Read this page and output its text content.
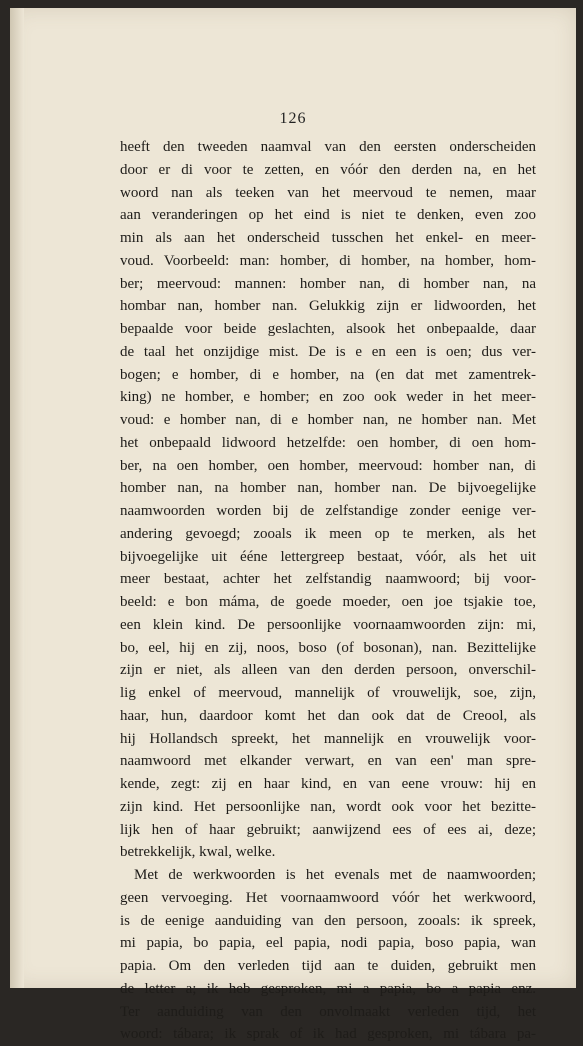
126
heeft den tweeden naamval van den eersten onderscheiden
door er di voor te zetten, en vóór den derden na, en het
woord nan als teeken van het meervoud te nemen, maar
aan veranderingen op het eind is niet te denken, even zoo
min als aan het onderscheid tusschen het enkel- en meer-
voud. Voorbeeld: man: homber, di homber, na homber, hom-
ber; meervoud: mannen: homber nan, di homber nan, na
hombar nan, homber nan. Gelukkig zijn er lidwoorden, het
bepaalde voor beide geslachten, alsook het onbepaalde, daar
de taal het onzijdige mist. De is e en een is oen; dus ver-
bogen; e homber, di e homber, na (en dat met zamentrek-
king) ne homber, e homber; en zoo ook weder in het meer-
voud: e homber nan, di e homber nan, ne homber nan. Met
het onbepaald lidwoord hetzelfde: oen homber, di oen hom-
ber, na oen homber, oen homber, meervoud: homber nan, di
homber nan, na homber nan, homber nan. De bijvoegelijke
naamwoorden worden bij de zelfstandige zonder eenige ver-
andering gevoegd; zooals ik meen op te merken, als het
bijvoegelijke uit ééne lettergreep bestaat, vóór, als het uit
meer bestaat, achter het zelfstandig naamwoord; bij voor-
beeld: e bon máma, de goede moeder, oen joe tsjakie toe,
een klein kind. De persoonlijke voornaamwoorden zijn: mi,
bo, eel, hij en zij, noos, boso (of bosonan), nan. Bezittelijke
zijn er niet, als alleen van den derden persoon, onverschil-
lig enkel of meervoud, mannelijk of vrouwelijk, soe, zijn,
haar, hun, daardoor komt het dan ook dat de Creool, als
hij Hollandsch spreekt, het mannelijk en vrouwelijk voor-
naamwoord met elkander verwart, en van een' man spre-
kende, zegt: zij en haar kind, en van eene vrouw: hij en
zijn kind. Het persoonlijke nan, wordt ook voor het bezitte-
lijk hen of haar gebruikt; aanwijzend ees of ees ai, deze;
betrekkelijk, kwal, welke.
Met de werkwoorden is het evenals met de naamwoorden;
geen vervoeging. Het voornaamwoord vóór het werkwoord,
is de eenige aanduiding van den persoon, zooals: ik spreek,
mi papia, bo papia, eel papia, nodi papia, boso papia, wan
papia. Om den verleden tijd aan te duiden, gebruikt men
de letter a; ik heb gesproken, mi a papia, bo a papia enz.
Ter aanduiding van den onvolmaakt verleden tijd, het
woord: tábara; ik sprak of ik had gesproken, mi tábara pa-
